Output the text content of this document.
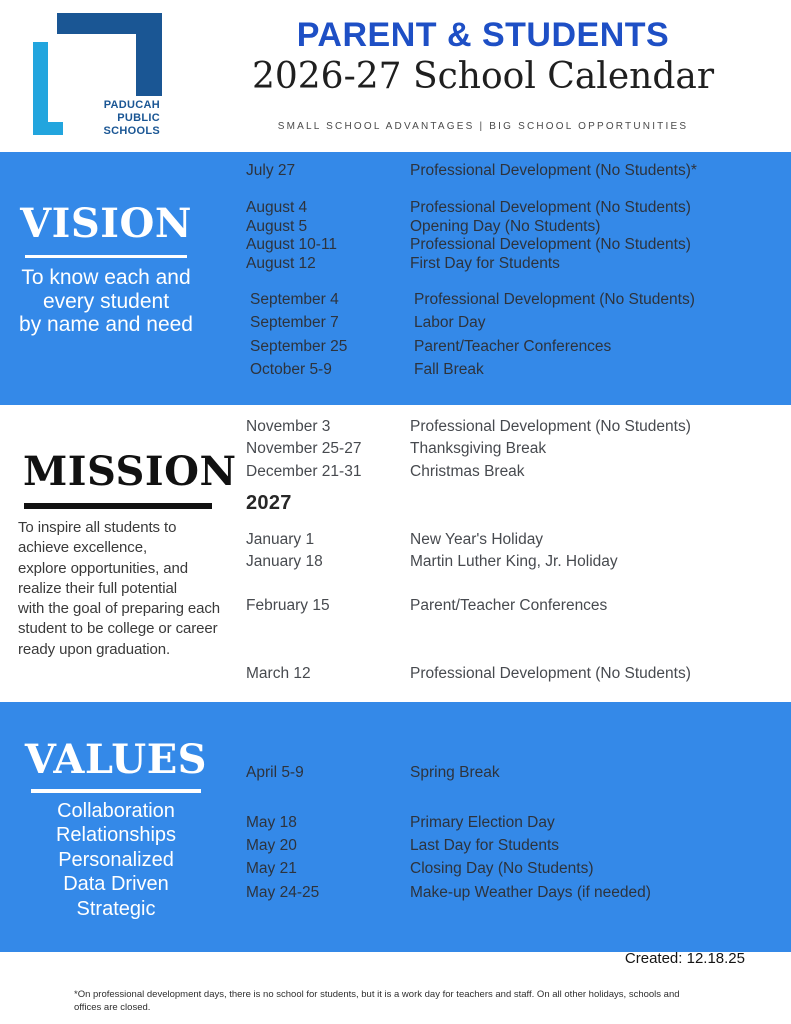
PADUCAH
PUBLIC
SCHOOLS
PARENT & STUDENTS
2026-27 School Calendar
SMALL SCHOOL ADVANTAGES | BIG SCHOOL OPPORTUNITIES
VISION
To know each and
every student
by name and need
MISSION
To inspire all students to
achieve excellence,
explore opportunities, and
realize their full potential
with the goal of preparing each
student to be college or career
ready upon graduation.
VALUES
Collaboration
Relationships
Personalized
Data Driven
Strategic
July 27	Professional Development (No Students)*
August 4	Professional Development (No Students)
August 5	Opening Day (No Students)
August 10-11	Professional Development (No Students)
August 12	First Day for Students
September 4	Professional Development (No Students)
September 7	Labor Day
September 25	Parent/Teacher Conferences
October 5-9	Fall Break
November 3	Professional Development (No Students)
November 25-27	Thanksgiving Break
December 21-31	Christmas Break
2027
January 1	New Year's Holiday
January 18	Martin Luther King, Jr. Holiday
February 15	Parent/Teacher Conferences
March 12	Professional Development (No Students)
April 5-9	Spring Break
May 18	Primary Election Day
May 20	Last Day for Students
May 21	Closing Day (No Students)
May 24-25	Make-up Weather Days (if needed)
Created: 12.18.25
*On professional development days, there is no school for students, but it is a work day for teachers and staff. On all other holidays, schools and
offices are closed.
